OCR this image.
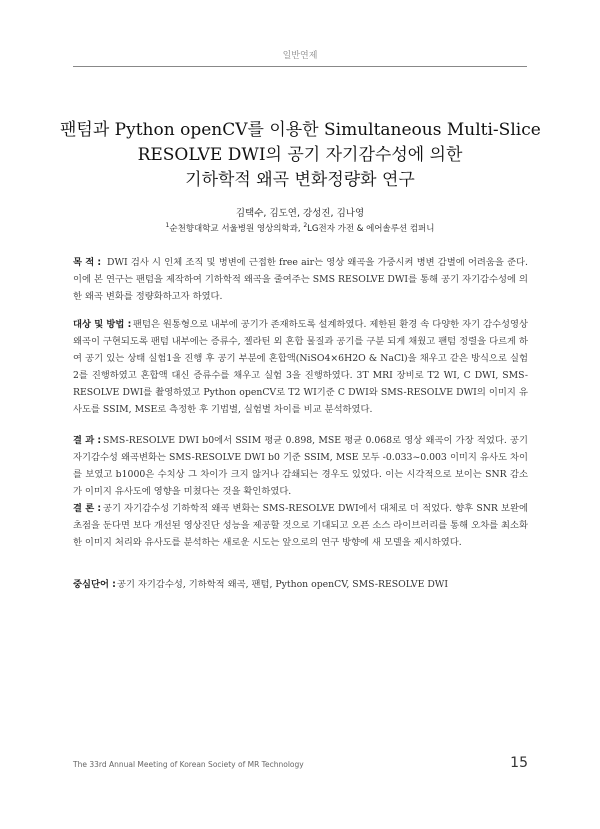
일반연제
팬텀과 Python openCV를 이용한 Simultaneous Multi-Slice
RESOLVE DWI의 공기 자기감수성에 의한
기하학적 왜곡 변화정량화 연구
김택수, 김도연, 강성진, 김나영
$^1$순천향대학교 서울병원 영상의학과, $^2$LG전자 가전 & 에어솔루션 컴퍼니
목 적 : DWI 검사 시 인체 조직 및 병변에 근접한 free air는 영상 왜곡을 가중시켜 병변 감별에 어려움을 준다. 이에 본 연구는 팬텀을 제작하여 기하학적 왜곡을 줄여주는 SMS RESOLVE DWI를 통해 공기 자기감수성에 의한 왜곡 변화를 정량화하고자 하였다.
대상 및 방법 : 팬텀은 원통형으로 내부에 공기가 존재하도록 설계하였다. 제한된 환경 속 다양한 자기 감수성영상 왜곡이 구현되도록 팬텀 내부에는 증류수, 젤라틴 외 혼합 물질과 공기를 구분 되게 채웠고 팬텀 정렬을 다르게 하여 공기 있는 상태 실험1을 진행 후 공기 부분에 혼합액(NiSO4×6H2O & NaCl)을 채우고 같은 방식으로 실험 2를 진행하였고 혼합액 대신 증류수를 채우고 실험 3을 진행하였다. 3T MRI 장비로 T2 WI, C DWI, SMS-RESOLVE DWI를 촬영하였고 Python openCV로 T2 WI기준 C DWI와 SMS-RESOLVE DWI의 이미지 유사도를 SSIM, MSE로 측정한 후 기법별, 실험별 차이를 비교 분석하였다.
결 과 : SMS-RESOLVE DWI b0에서 SSIM 평균 0.898, MSE 평균 0.068로 영상 왜곡이 가장 적었다. 공기자기감수성 왜곡변화는 SMS-RESOLVE DWI b0 기준 SSIM, MSE 모두 -0.033~0.003 이미지 유사도 차이를 보였고 b1000은 수치상 그 차이가 크지 않거나 감쇄되는 경우도 있었다. 이는 시각적으로 보이는 SNR 감소가 이미지 유사도에 영향을 미쳤다는 것을 확인하였다.
결 론 : 공기 자기감수성 기하학적 왜곡 변화는 SMS-RESOLVE DWI에서 대체로 더 적었다. 향후 SNR 보완에 초점을 둔다면 보다 개선된 영상진단 성능을 제공할 것으로 기대되고 오픈 소스 라이브러리를 통해 오차를 최소화한 이미지 처리와 유사도를 분석하는 새로운 시도는 앞으로의 연구 방향에 새 모델을 제시하였다.
중심단어 : 공기 자기감수성, 기하학적 왜곡, 팬텀, Python openCV, SMS-RESOLVE DWI
The 33rd Annual Meeting of Korean Society of MR Technology	15
